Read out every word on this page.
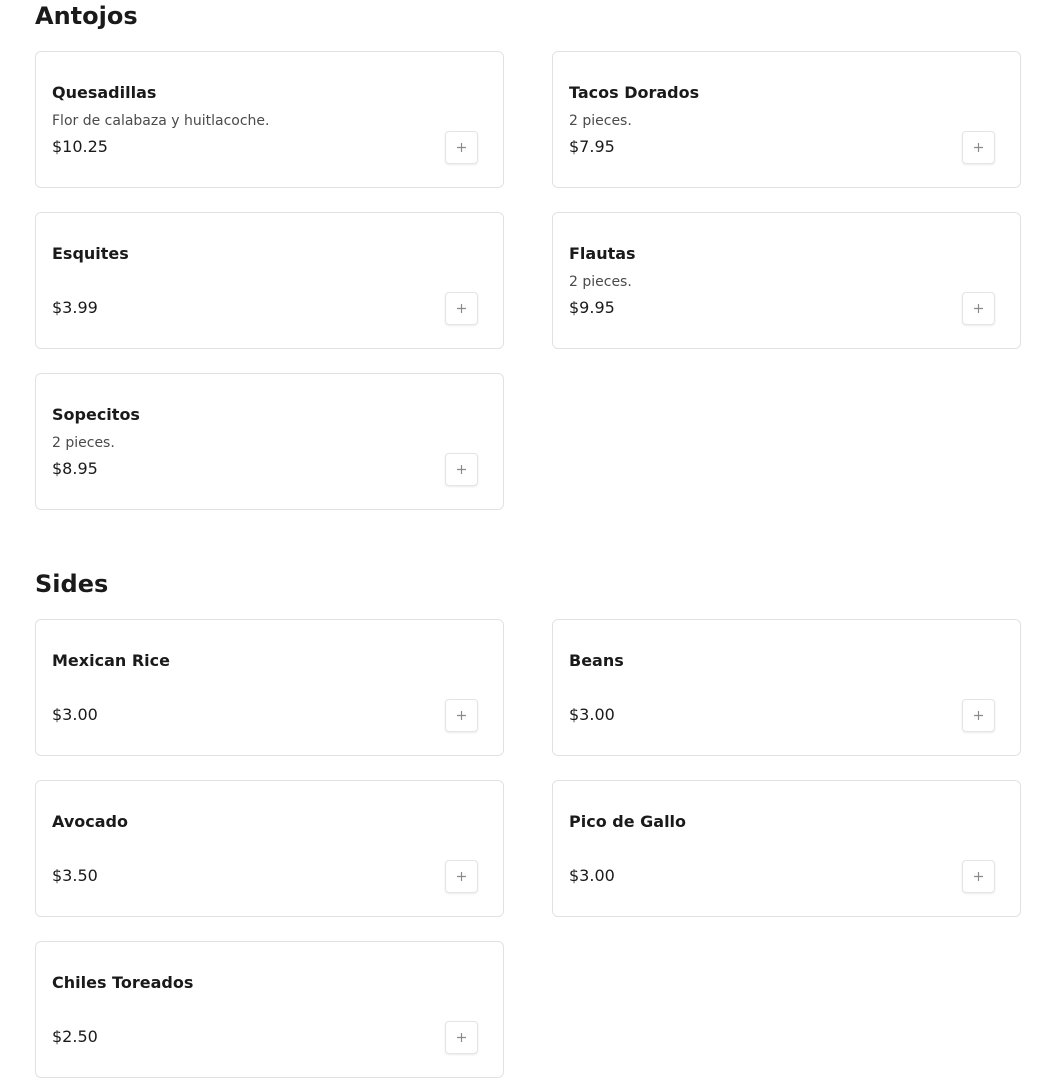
Antojos
Quesadillas
Flor de calabaza y huitlacoche.
$10.25
Tacos Dorados
2 pieces.
$7.95
Esquites
$3.99
Flautas
2 pieces.
$9.95
Sopecitos
2 pieces.
$8.95
Sides
Mexican Rice
$3.00
Beans
$3.00
Avocado
$3.50
Pico de Gallo
$3.00
Chiles Toreados
$2.50
